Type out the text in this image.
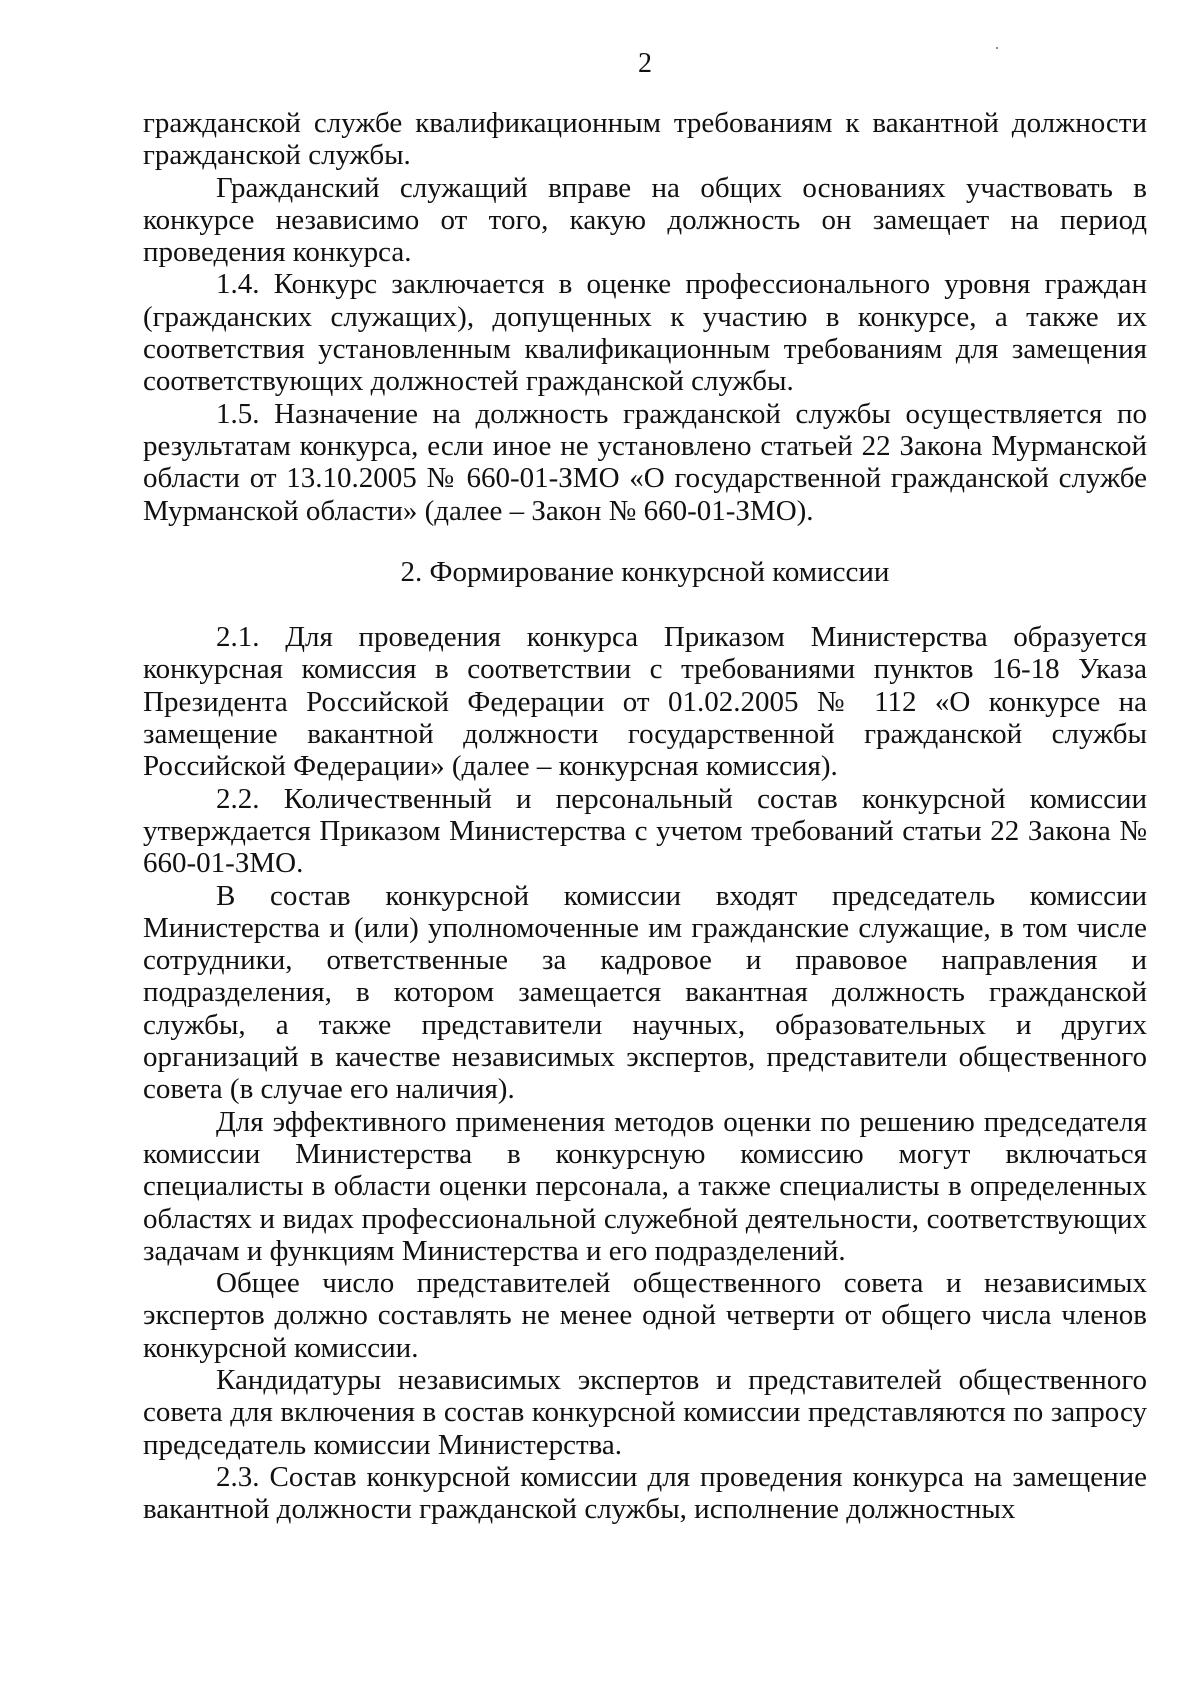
2

гражданской службе квалификационным требованиям к вакантной должности гражданской службы.

Гражданский служащий вправе на общих основаниях участвовать в конкурсе независимо от того, какую должность он замещает на период проведения конкурса.

1.4. Конкурс заключается в оценке профессионального уровня граждан (гражданских служащих), допущенных к участию в конкурсе, а также их соответствия установленным квалификационным требованиям для замещения соответствующих должностей гражданской службы.

1.5. Назначение на должность гражданской службы осуществляется по результатам конкурса, если иное не установлено статьей 22 Закона Мурманской области от 13.10.2005 № 660-01-ЗМО «О государственной гражданской службе Мурманской области» (далее – Закон № 660-01-ЗМО).

2. Формирование конкурсной комиссии

2.1. Для проведения конкурса Приказом Министерства образуется конкурсная комиссия в соответствии с требованиями пунктов 16-18 Указа Президента Российской Федерации от 01.02.2005 № 112 «О конкурсе на замещение вакантной должности государственной гражданской службы Российской Федерации» (далее – конкурсная комиссия).

2.2. Количественный и персональный состав конкурсной комиссии утверждается Приказом Министерства с учетом требований статьи 22 Закона № 660-01-ЗМО.

В состав конкурсной комиссии входят председатель комиссии Министерства и (или) уполномоченные им гражданские служащие, в том числе сотрудники, ответственные за кадровое и правовое направления и подразделения, в котором замещается вакантная должность гражданской службы, а также представители научных, образовательных и других организаций в качестве независимых экспертов, представители общественного совета (в случае его наличия).

Для эффективного применения методов оценки по решению председателя комиссии Министерства в конкурсную комиссию могут включаться специалисты в области оценки персонала, а также специалисты в определенных областях и видах профессиональной служебной деятельности, соответствующих задачам и функциям Министерства и его подразделений.

Общее число представителей общественного совета и независимых экспертов должно составлять не менее одной четверти от общего числа членов конкурсной комиссии.

Кандидатуры независимых экспертов и представителей общественного совета для включения в состав конкурсной комиссии представляются по запросу председатель комиссии Министерства.

2.3. Состав конкурсной комиссии для проведения конкурса на замещение вакантной должности гражданской службы, исполнение должностных
